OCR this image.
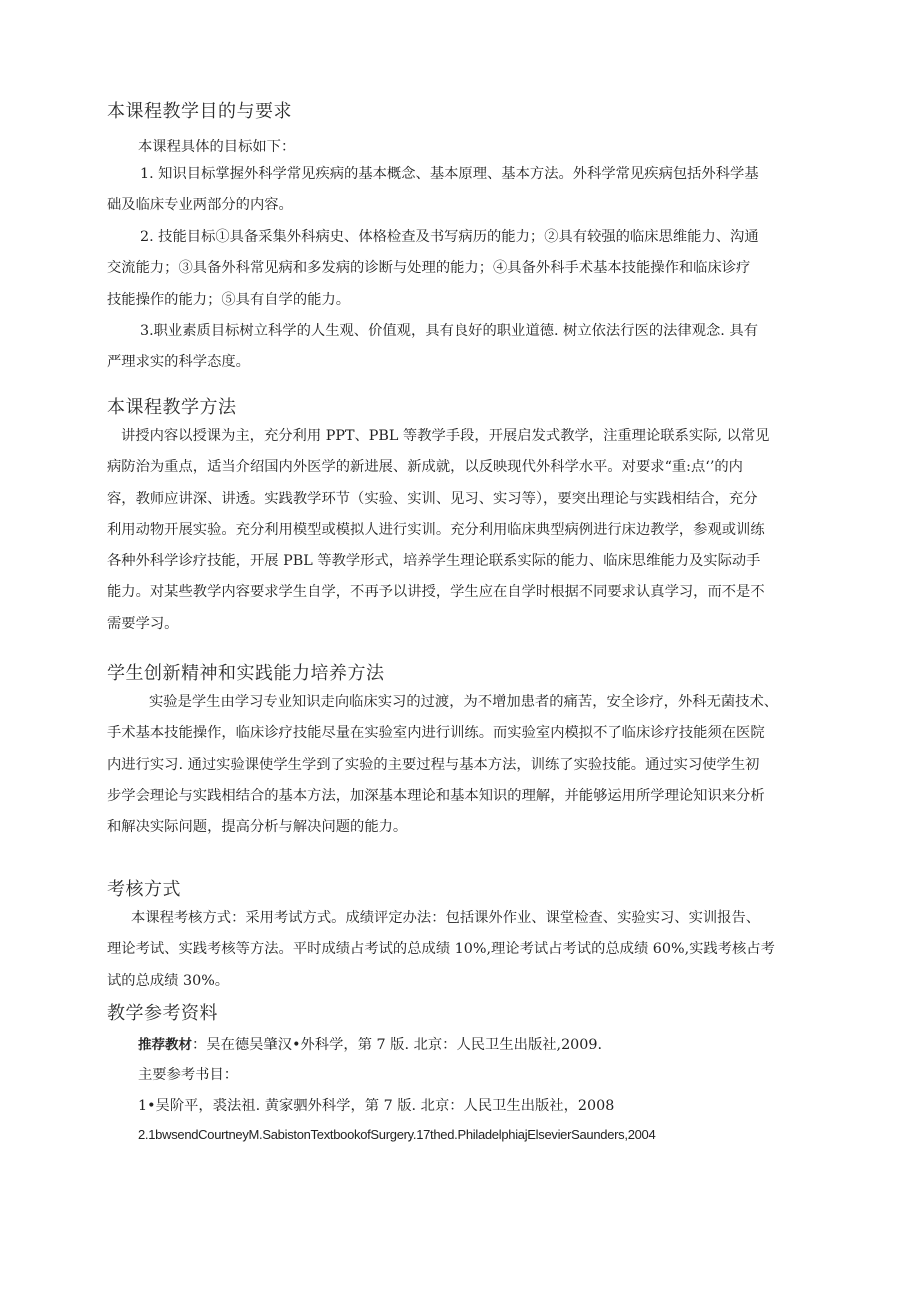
本课程教学目的与要求
本课程具体的目标如下：
1. 知识目标掌握外科学常见疾病的基本概念、基本原理、基本方法。外科学常见疾病包括外科学基
础及临床专业两部分的内容。
2. 技能目标①具备采集外科病史、体格检查及书写病历的能力；②具有较强的临床思维能力、沟通
交流能力；③具备外科常见病和多发病的诊断与处理的能力；④具备外科手术基本技能操作和临床诊疗
技能操作的能力；⑤具有自学的能力。
3.职业素质目标树立科学的人生观、价值观，具有良好的职业道德. 树立依法行医的法律观念. 具有
严理求实的科学态度。
本课程教学方法
讲授内容以授课为主，充分利用 PPT、PBL 等教学手段，开展启发式教学，注重理论联系实际, 以常见
病防治为重点，适当介绍国内外医学的新进展、新成就，以反映现代外科学水平。对要求“重:点‘’的内
容，教师应讲深、讲透。实践教学环节（实验、实训、见习、实习等），要突出理论与实践相结合，充分
利用动物开展实验。充分利用模型或模拟人进行实训。充分利用临床典型病例进行床边教学，参观或训练
各种外科学诊疗技能，开展 PBL 等教学形式，培养学生理论联系实际的能力、临床思维能力及实际动手
能力。对某些教学内容要求学生自学，不再予以讲授，学生应在自学时根据不同要求认真学习，而不是不
需要学习。
学生创新精神和实践能力培养方法
实验是学生由学习专业知识走向临床实习的过渡，为不增加患者的痛苦，安全诊疗，外科无菌技术、
手术基本技能操作，临床诊疗技能尽量在实验室内进行训练。而实验室内模拟不了临床诊疗技能须在医院
内进行实习. 通过实验课使学生学到了实验的主要过程与基本方法，训练了实验技能。通过实习使学生初
步学会理论与实践相结合的基本方法，加深基本理论和基本知识的理解，并能够运用所学理论知识来分析
和解决实际问题，提高分析与解决问题的能力。
考核方式
本课程考核方式：采用考试方式。成绩评定办法：包括课外作业、课堂检查、实验实习、实训报告、
理论考试、实践考核等方法。平时成绩占考试的总成绩 10%,理论考试占考试的总成绩 60%,实践考核占考
试的总成绩 30%。
教学参考资料
推荐教材：吴在德吴肇汉•外科学，第 7 版. 北京：人民卫生出版社,2009.
主要参考书目：
1•吴阶平，裘法祖. 黄家驷外科学，第 7 版. 北京：人民卫生出版社，2008
2.1bwsendCourtneyM.SabistonTextbookofSurgery.17thed.PhiladelphiajElsevierSaunders,2004
